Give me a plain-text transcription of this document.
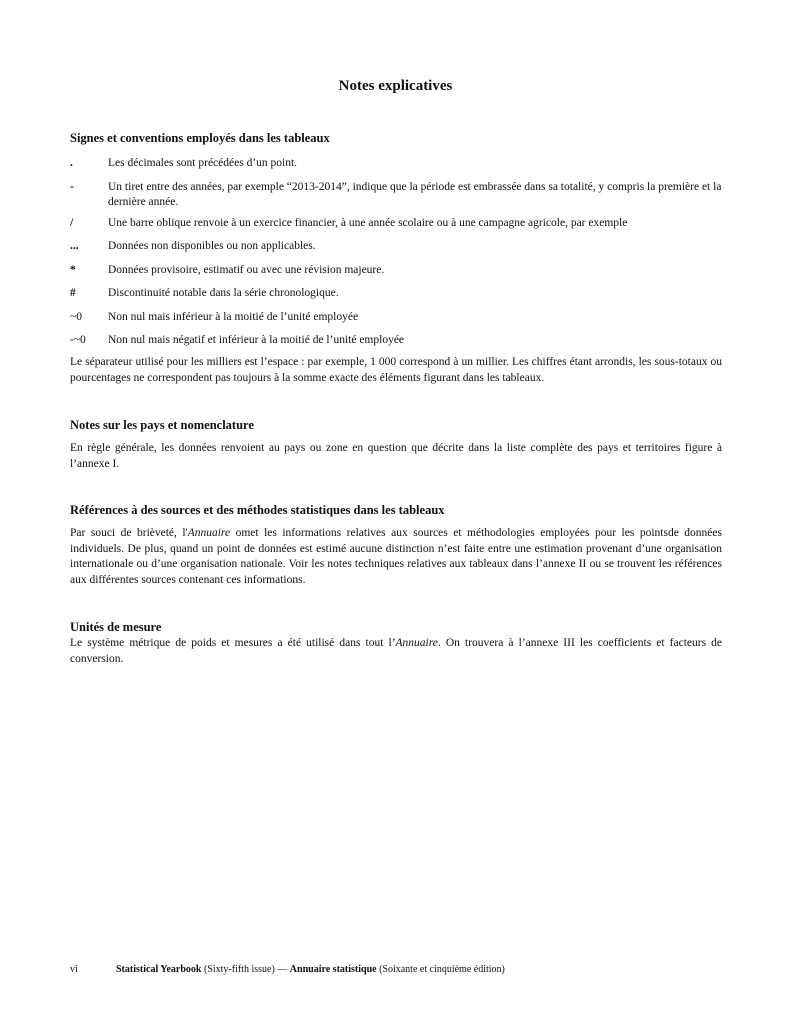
Notes explicatives
Signes et conventions employés dans les tableaux
.	Les décimales sont précédées d’un point.
-	Un tiret entre des années, par exemple “2013-2014”, indique que la période est embrassée dans sa totalité, y compris la première et la dernière année.
/	Une barre oblique renvoie à un exercice financier, à une année scolaire ou à une campagne agricole, par exemple
...	Données non disponibles ou non applicables.
*	Données provisoire, estimatif ou avec une révision majeure.
#	Discontinuité notable dans la série chronologique.
~0	Non nul mais inférieur à la moitié de l’unité employée
-~0	Non nul mais négatif et inférieur à la moitié de l’unité employée
Le séparateur utilisé pour les milliers est l’espace : par exemple, 1 000 correspond à un millier. Les chiffres étant arrondis, les sous-totaux ou pourcentages ne correspondent pas toujours à la somme exacte des éléments figurant dans les tableaux.
Notes sur les pays et nomenclature
En règle générale, les données renvoient au pays ou zone en question que décrite dans la liste complète des pays et territoires figure à l’annexe I.
Références à des sources et des méthodes statistiques dans les tableaux
Par souci de brièveté, l'Annuaire omet les informations relatives aux sources et méthodologies employées pour les pointsde données individuels. De plus, quand un point de données est estimé aucune distinction n’est faite entre une estimation provenant d’une organisation internationale ou d’une organisation nationale. Voir les notes techniques relatives aux tableaux dans l’annexe II ou se trouvent les références aux différentes sources contenant ces informations.
Unités de mesure
Le système métrique de poids et mesures a été utilisé dans tout l’Annuaire. On trouvera à l’annexe III les coefficients et facteurs de conversion.
vi	Statistical Yearbook (Sixty-fifth issue) — Annuaire statistique (Soixante et cinquième édition)
